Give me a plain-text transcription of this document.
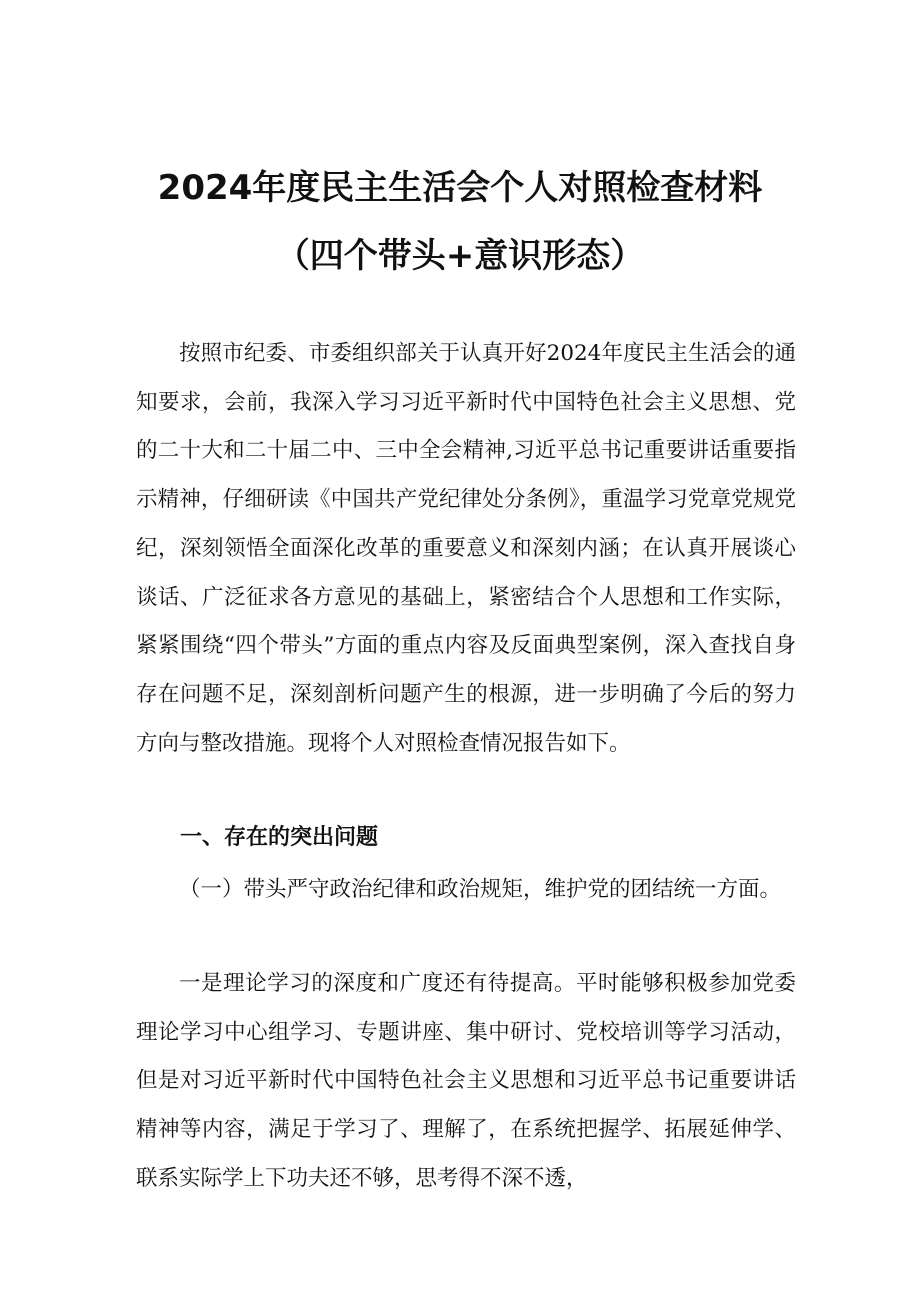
2024年度民主生活会个人对照检查材料
（四个带头+意识形态）

按照市纪委、市委组织部关于认真开好2024年度民主生活会的通知要求，会前，我深入学习习近平新时代中国特色社会主义思想、党的二十大和二十届二中、三中全会精神,习近平总书记重要讲话重要指示精神，仔细研读《中国共产党纪律处分条例》，重温学习党章党规党纪，深刻领悟全面深化改革的重要意义和深刻内涵；在认真开展谈心谈话、广泛征求各方意见的基础上，紧密结合个人思想和工作实际，紧紧围绕“四个带头”方面的重点内容及反面典型案例，深入查找自身存在问题不足，深刻剖析问题产生的根源，进一步明确了今后的努力方向与整改措施。现将个人对照检查情况报告如下。

一、存在的突出问题

（一）带头严守政治纪律和政治规矩，维护党的团结统一方面。

一是理论学习的深度和广度还有待提高。平时能够积极参加党委理论学习中心组学习、专题讲座、集中研讨、党校培训等学习活动，但是对习近平新时代中国特色社会主义思想和习近平总书记重要讲话精神等内容，满足于学习了、理解了，在系统把握学、拓展延伸学、联系实际学上下功夫还不够，思考得不深不透，
